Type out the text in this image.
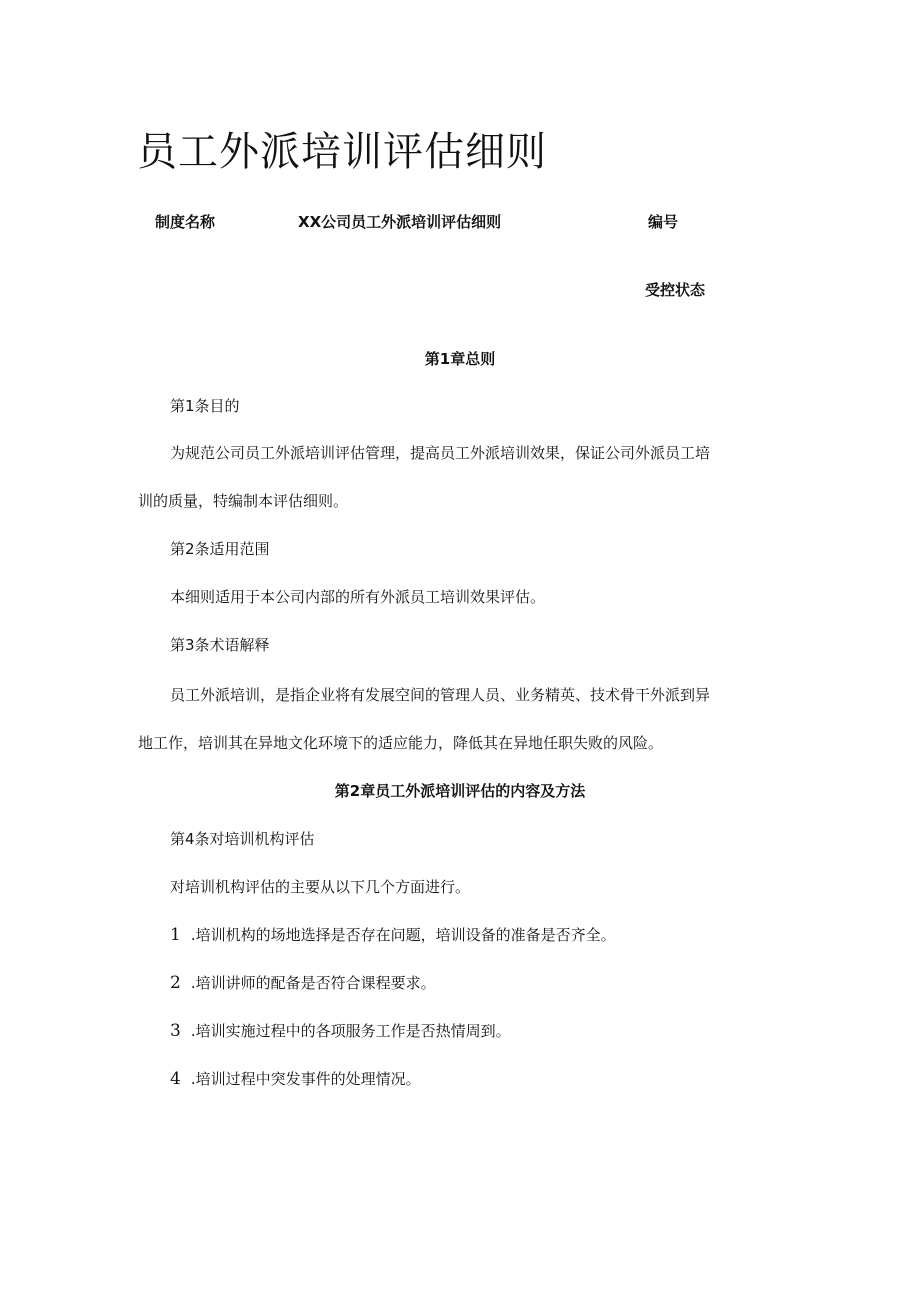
员工外派培训评估细则
制度名称	XX公司员工外派培训评估细则	编号
受控状态
第1章总则
第1条目的
为规范公司员工外派培训评估管理，提高员工外派培训效果，保证公司外派员工培
训的质量，特编制本评估细则。
第2条适用范围
本细则适用于本公司内部的所有外派员工培训效果评估。
第3条术语解释
员工外派培训，是指企业将有发展空间的管理人员、业务精英、技术骨干外派到异
地工作，培训其在异地文化环境下的适应能力，降低其在异地任职失败的风险。
第2章员工外派培训评估的内容及方法
第4条对培训机构评估
对培训机构评估的主要从以下几个方面进行。
1 .培训机构的场地选择是否存在问题，培训设备的准备是否齐全。
2 .培训讲师的配备是否符合课程要求。
3 .培训实施过程中的各项服务工作是否热情周到。
4 .培训过程中突发事件的处理情况。
